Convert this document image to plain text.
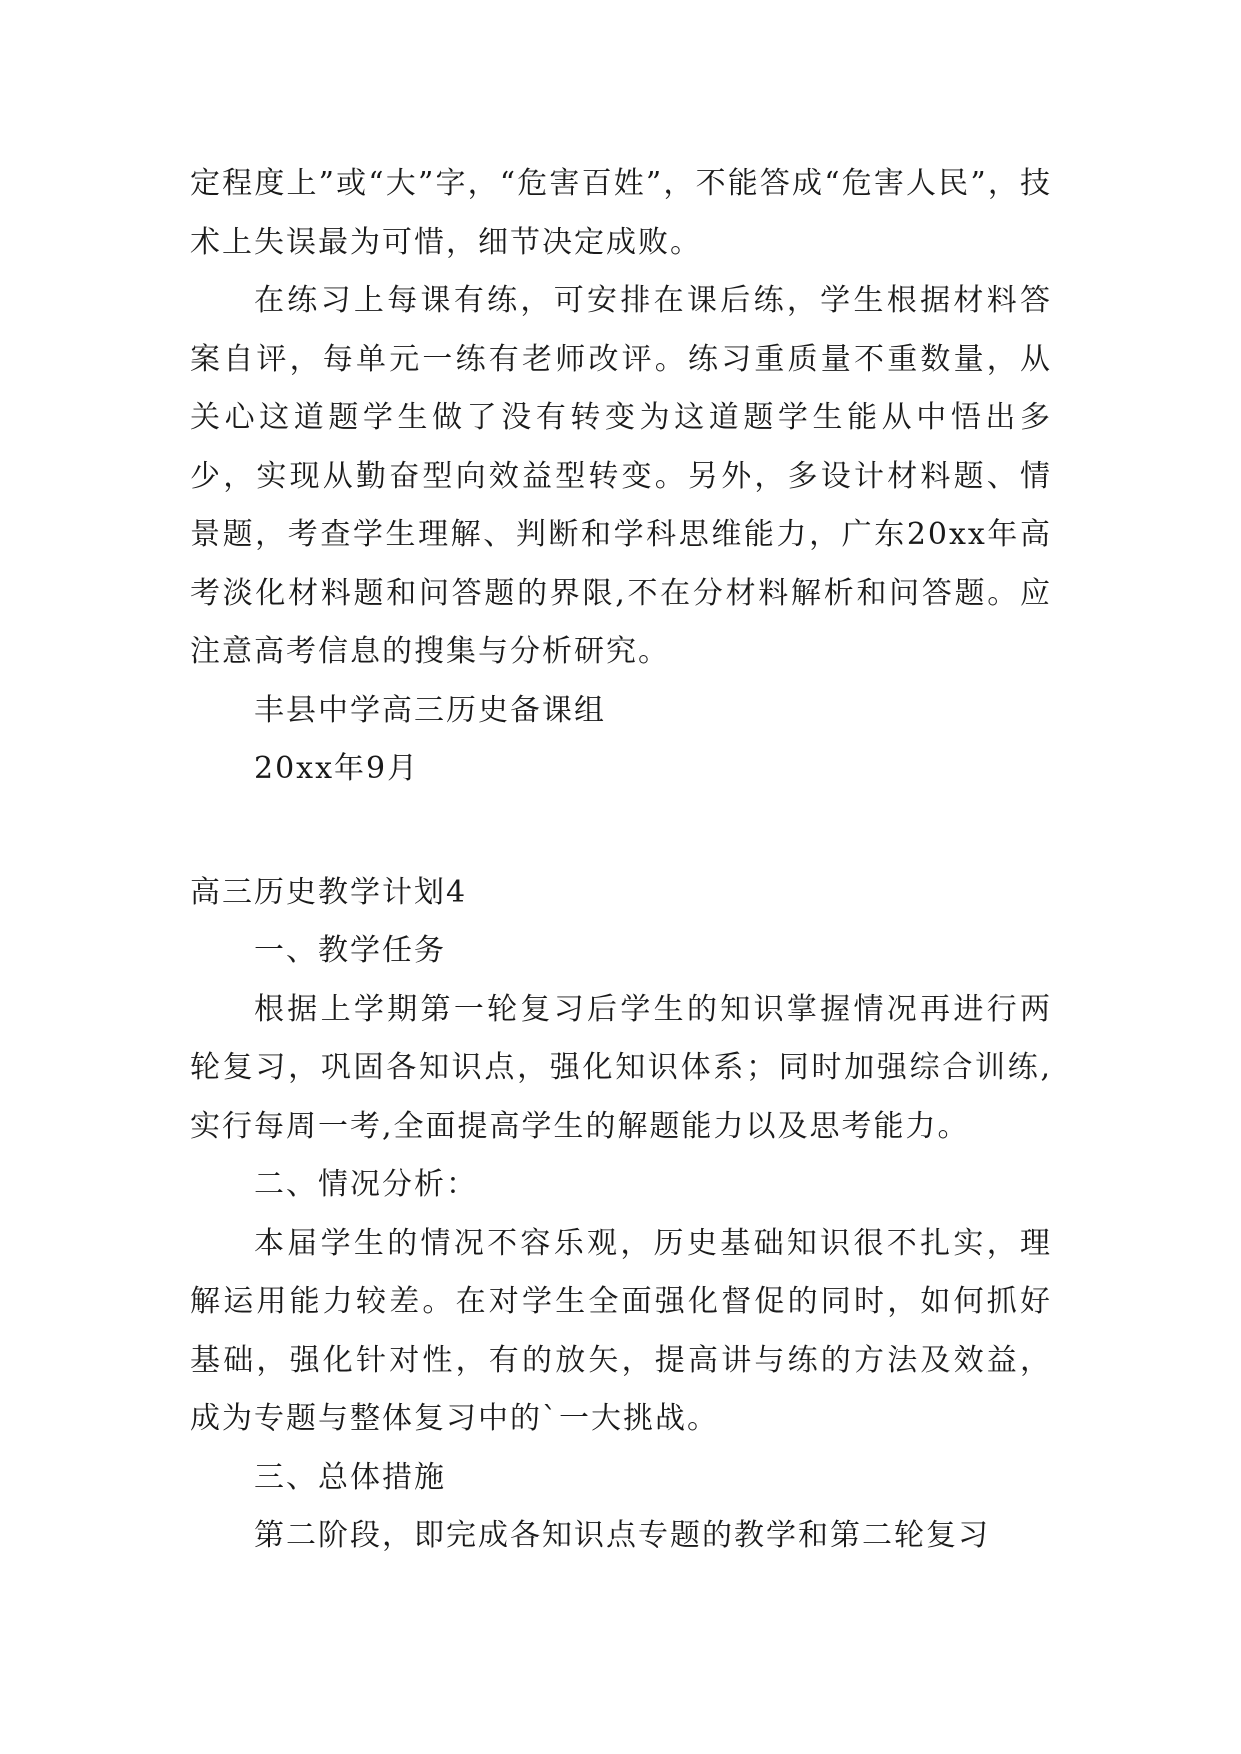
定程度上”或“大”字，“危害百姓”，不能答成“危害人民”，技术上失误最为可惜，细节决定成败。

在练习上每课有练，可安排在课后练，学生根据材料答案自评，每单元一练有老师改评。练习重质量不重数量，从关心这道题学生做了没有转变为这道题学生能从中悟出多少，实现从勤奋型向效益型转变。另外，多设计材料题、情景题，考查学生理解、判断和学科思维能力，广东20xx年高考淡化材料题和问答题的界限,不在分材料解析和问答题。应注意高考信息的搜集与分析研究。

丰县中学高三历史备课组

20xx年9月

高三历史教学计划4

一、教学任务

根据上学期第一轮复习后学生的知识掌握情况再进行两轮复习，巩固各知识点，强化知识体系；同时加强综合训练,实行每周一考,全面提高学生的解题能力以及思考能力。

二、情况分析：

本届学生的情况不容乐观，历史基础知识很不扎实，理解运用能力较差。在对学生全面强化督促的同时，如何抓好基础，强化针对性，有的放矢，提高讲与练的方法及效益，成为专题与整体复习中的`一大挑战。

三、总体措施

第二阶段，即完成各知识点专题的教学和第二轮复习
